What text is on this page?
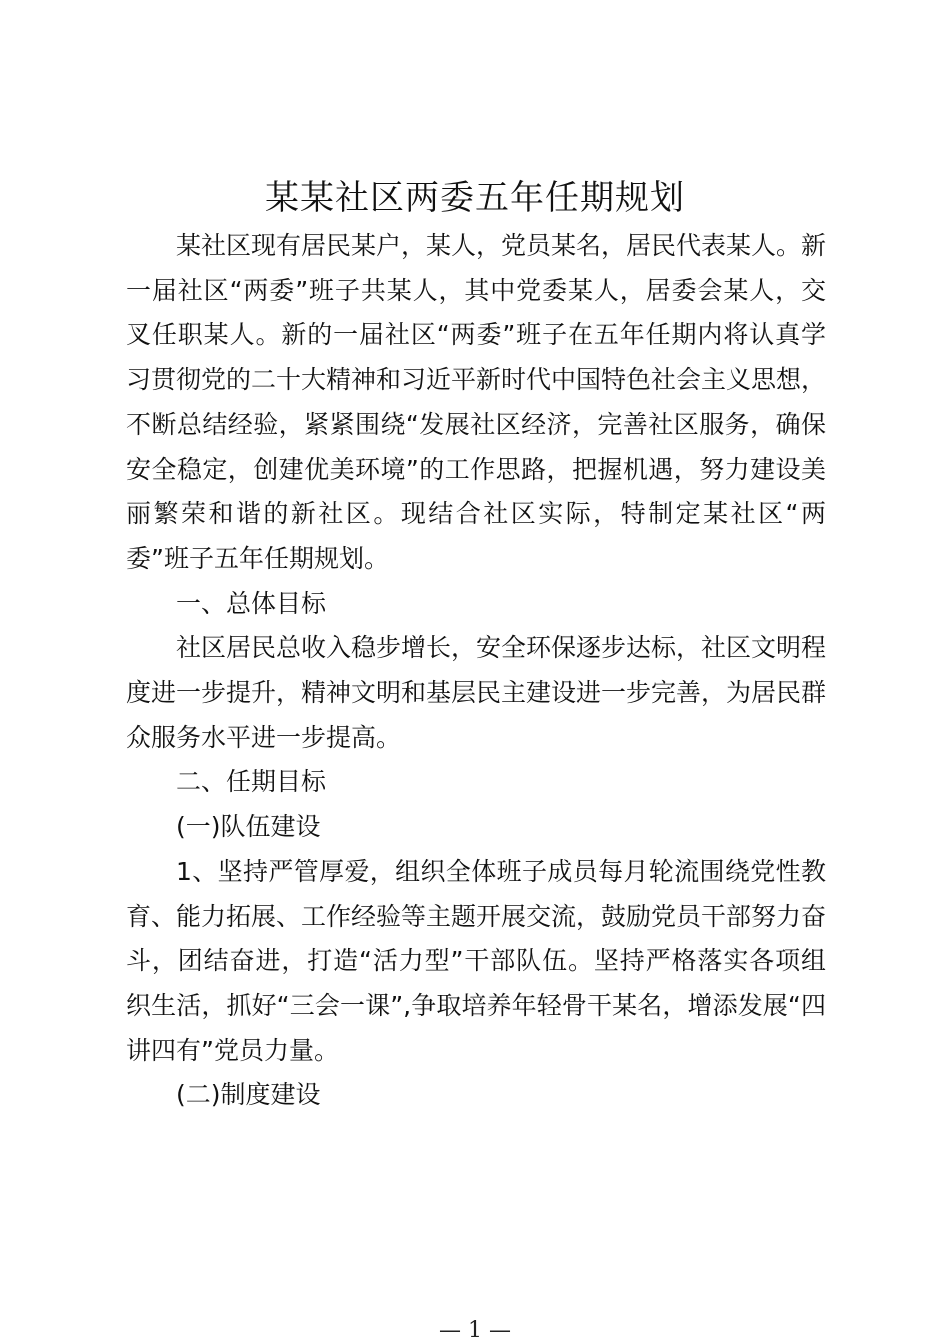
某某社区两委五年任期规划

某社区现有居民某户，某人，党员某名，居民代表某人。新一届社区“两委”班子共某人，其中党委某人，居委会某人，交叉任职某人。新的一届社区“两委”班子在五年任期内将认真学习贯彻党的二十大精神和习近平新时代中国特色社会主义思想，不断总结经验，紧紧围绕“发展社区经济，完善社区服务，确保安全稳定，创建优美环境”的工作思路，把握机遇，努力建设美丽繁荣和谐的新社区。现结合社区实际，特制定某社区“两委”班子五年任期规划。

一、总体目标

社区居民总收入稳步增长，安全环保逐步达标，社区文明程度进一步提升，精神文明和基层民主建设进一步完善，为居民群众服务水平进一步提高。

二、任期目标

(一)队伍建设

1、坚持严管厚爱，组织全体班子成员每月轮流围绕党性教育、能力拓展、工作经验等主题开展交流，鼓励党员干部努力奋斗，团结奋进，打造“活力型”干部队伍。坚持严格落实各项组织生活，抓好“三会一课”,争取培养年轻骨干某名，增添发展“四讲四有”党员力量。

(二)制度建设

— 1 —
